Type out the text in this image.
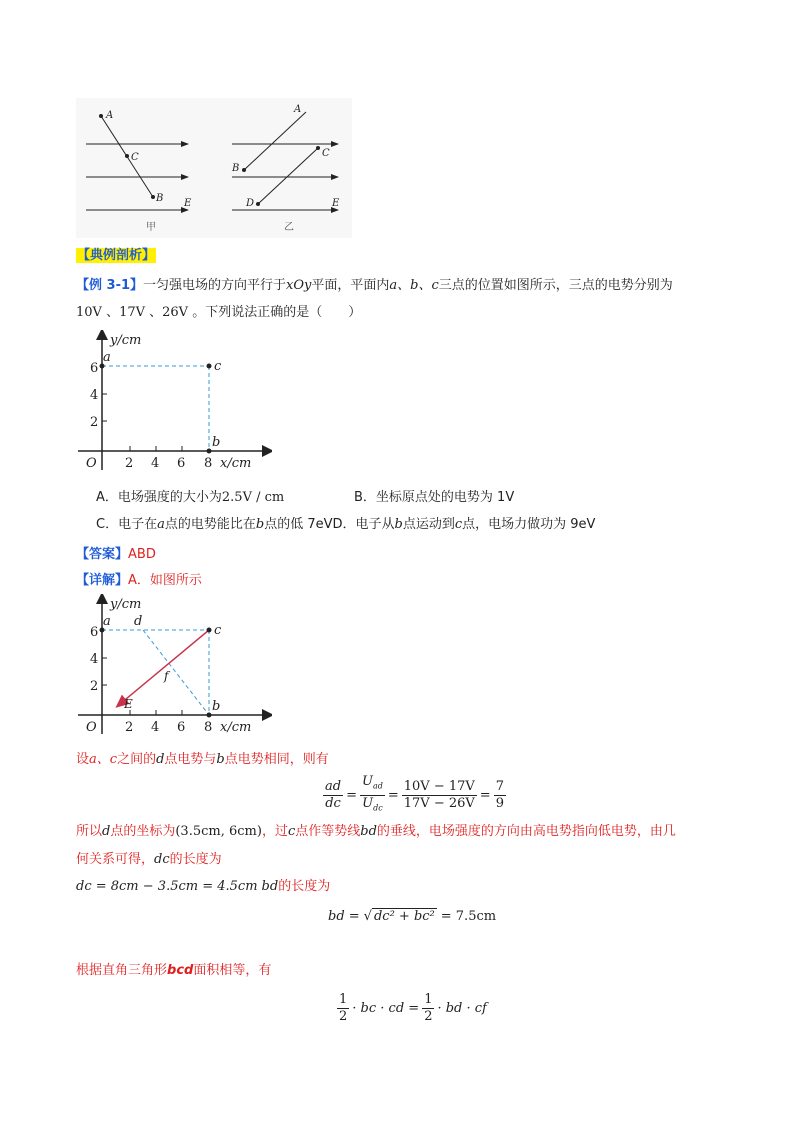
A
C
B E
甲
A
B
C
D	E
乙
【典例剖析】
【例 3-1】一匀强电场的方向平行于xOy平面，平面内a、b、c三点的位置如图所示，三点的电势分别为
10V 、17V 、26V 。下列说法正确的是（　　）
y/cm
x/cm
O 2 4 6 8
2
4
6
a
c
b
A．电场强度的大小为2.5V / cm	B．坐标原点处的电势为 1V
C．电子在a点的电势能比在b点的低 7eVD．电子从b点运动到c点，电场力做功为 9eV
【答案】ABD
【详解】A．如图所示
y/cm
x/cm
O 2 4 6 8
2
4
6
a d
c
b
f
E
设a、c之间的d点电势与b点电势相同，则有
$\frac{ad}{dc} = \frac{U_{ad}}{U_{dc}} = \frac{10V - 17V}{17V - 26V} = \frac{7}{9}$
所以d点的坐标为(3.5cm, 6cm)，过c点作等势线bd的垂线，电场强度的方向由高电势指向低电势，由几
何关系可得，dc的长度为
dc = 8cm − 3.5cm = 4.5cm bd的长度为
bd = √ dc² + bc² = 7.5cm
根据直角三角形bcd面积相等，有
$\frac{1}{2}$ · bc · cd = $\frac{1}{2}$ · bd · cf
